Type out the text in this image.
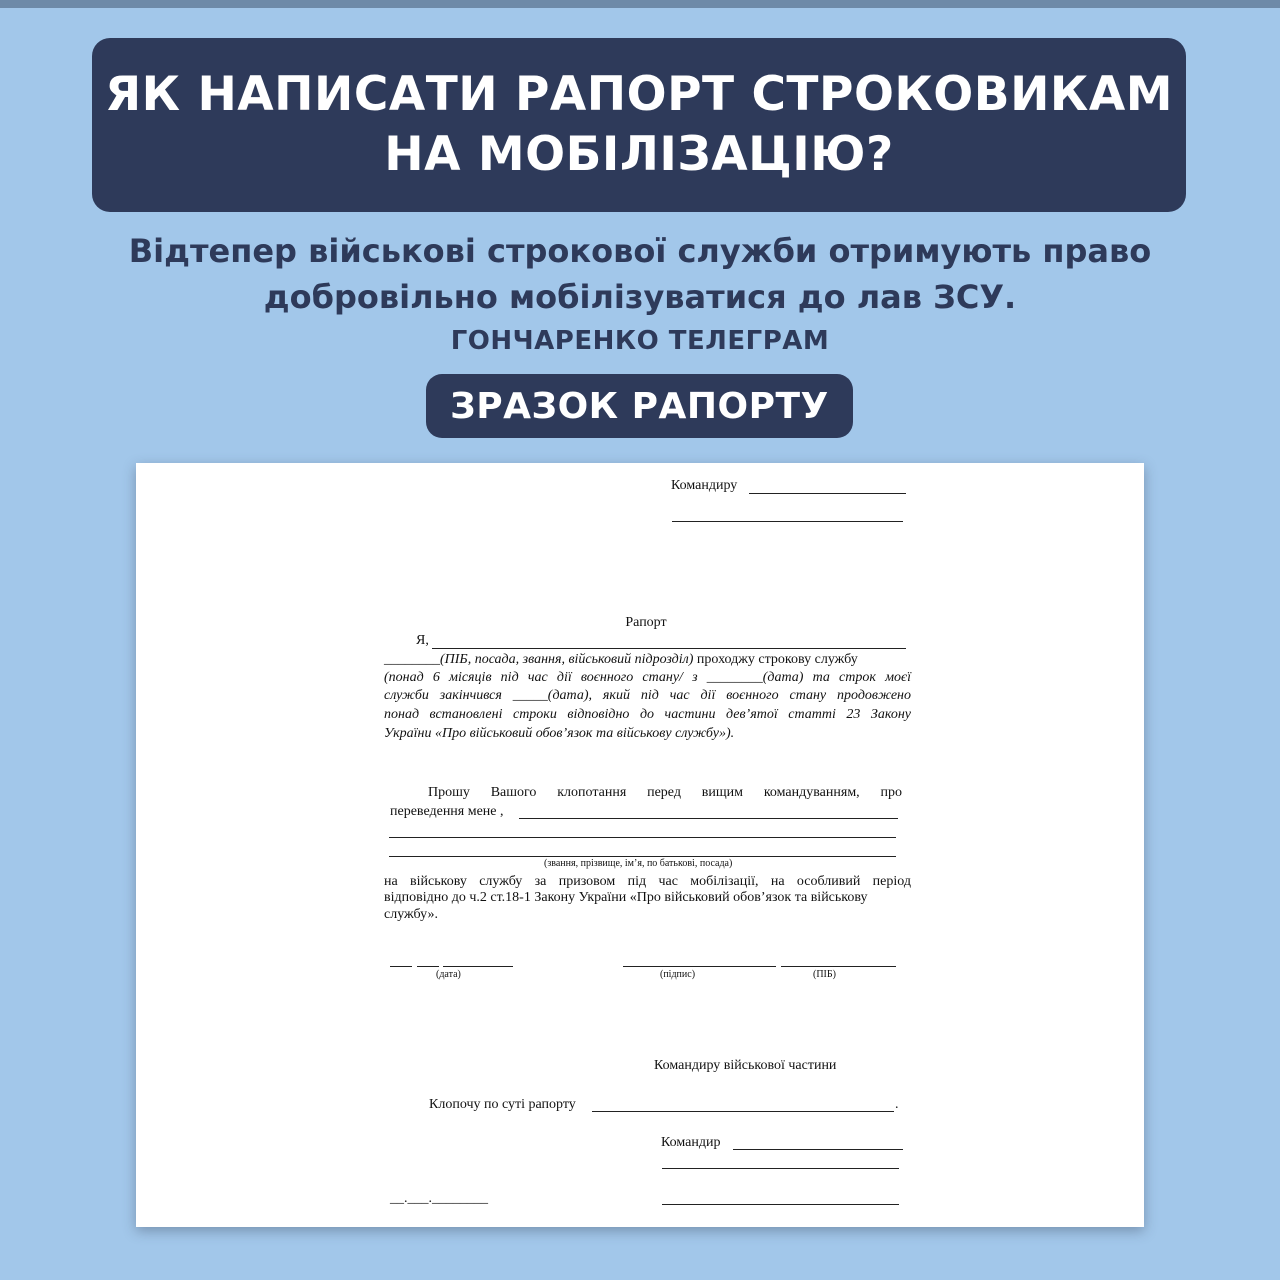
ЯК НАПИСАТИ РАПОРТ СТРОКОВИКАМ
НА МОБІЛІЗАЦІЮ?
Відтепер військові строкової служби отримують право
добровільно мобілізуватися до лав ЗСУ.
ГОНЧАРЕНКО ТЕЛЕГРАМ
ЗРАЗОК РАПОРТУ
Командиру
Рапорт
Я,
________(ПІБ, посада, звання, військовий підрозділ) проходжу строкову службу
(понад 6 місяців під час дії воєнного стану/ з ________(дата) та строк моєї
служби закінчився _____(дата), який під час дії воєнного стану продовжено
понад встановлені строки відповідно до частини дев’ятої статті 23 Закону
України «Про військовий обов’язок та військову службу»).
Прошу Вашого клопотання перед вищим командуванням, про
переведення мене ,
(звання, прізвище, ім’я, по батькові, посада)
на військову службу за призовом під час мобілізації, на особливий період
відповідно до ч.2 ст.18-1 Закону України «Про військовий обов’язок та військову
службу».
(дата)	(підпис)	(ПІБ)
Командиру військової частини
Клопочу по суті рапорту	.
Командир
__.___.________
